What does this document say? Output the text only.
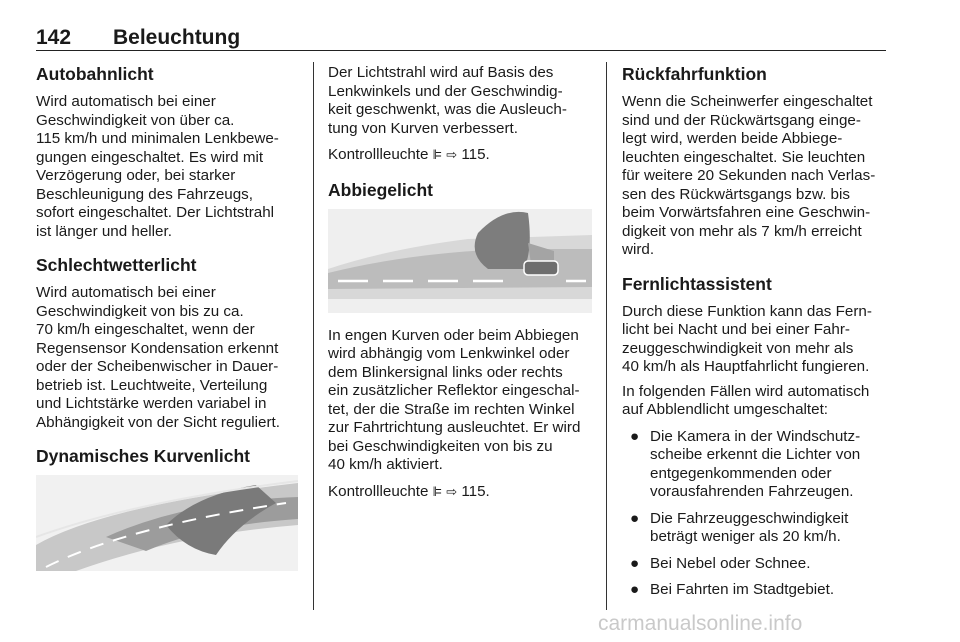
142 Beleuchtung
Autobahnlicht

Wird automatisch bei einer
Geschwindigkeit von über ca.
115 km/h und minimalen Lenkbewe-
gungen eingeschaltet. Es wird mit
Verzögerung oder, bei starker
Beschleunigung des Fahrzeugs,
sofort eingeschaltet. Der Lichtstrahl
ist länger und heller.

Schlechtwetterlicht

Wird automatisch bei einer
Geschwindigkeit von bis zu ca.
70 km/h eingeschaltet, wenn der
Regensensor Kondensation erkennt
oder der Scheibenwischer in Dauer-
betrieb ist. Leuchtweite, Verteilung
und Lichtstärke werden variabel in
Abhängigkeit von der Sicht reguliert.

Dynamisches Kurvenlicht

Der Lichtstrahl wird auf Basis des
Lenkwinkels und der Geschwindig-
keit geschwenkt, was die Ausleuch-
tung von Kurven verbessert.

Kontrollleuchte ꕞ ⇨ 115.

Abbiegelicht

In engen Kurven oder beim Abbiegen
wird abhängig vom Lenkwinkel oder
dem Blinkersignal links oder rechts
ein zusätzlicher Reflektor eingeschal-
tet, der die Straße im rechten Winkel
zur Fahrtrichtung ausleuchtet. Er wird
bei Geschwindigkeiten von bis zu
40 km/h aktiviert.

Kontrollleuchte ꕞ ⇨ 115.

Rückfahrfunktion

Wenn die Scheinwerfer eingeschaltet
sind und der Rückwärtsgang einge-
legt wird, werden beide Abbiege-
leuchten eingeschaltet. Sie leuchten
für weitere 20 Sekunden nach Verlas-
sen des Rückwärtsgangs bzw. bis
beim Vorwärtsfahren eine Geschwin-
digkeit von mehr als 7 km/h erreicht
wird.

Fernlichtassistent

Durch diese Funktion kann das Fern-
licht bei Nacht und bei einer Fahr-
zeuggeschwindigkeit von mehr als
40 km/h als Hauptfahrlicht fungieren.

In folgenden Fällen wird automatisch
auf Abblendlicht umgeschaltet:

● Die Kamera in der Windschutz-
scheibe erkennt die Lichter von
entgegenkommenden oder
vorausfahrenden Fahrzeugen.
● Die Fahrzeuggeschwindigkeit
beträgt weniger als 20 km/h.
● Bei Nebel oder Schnee.
● Bei Fahrten im Stadtgebiet.
carmanualsonline.info
